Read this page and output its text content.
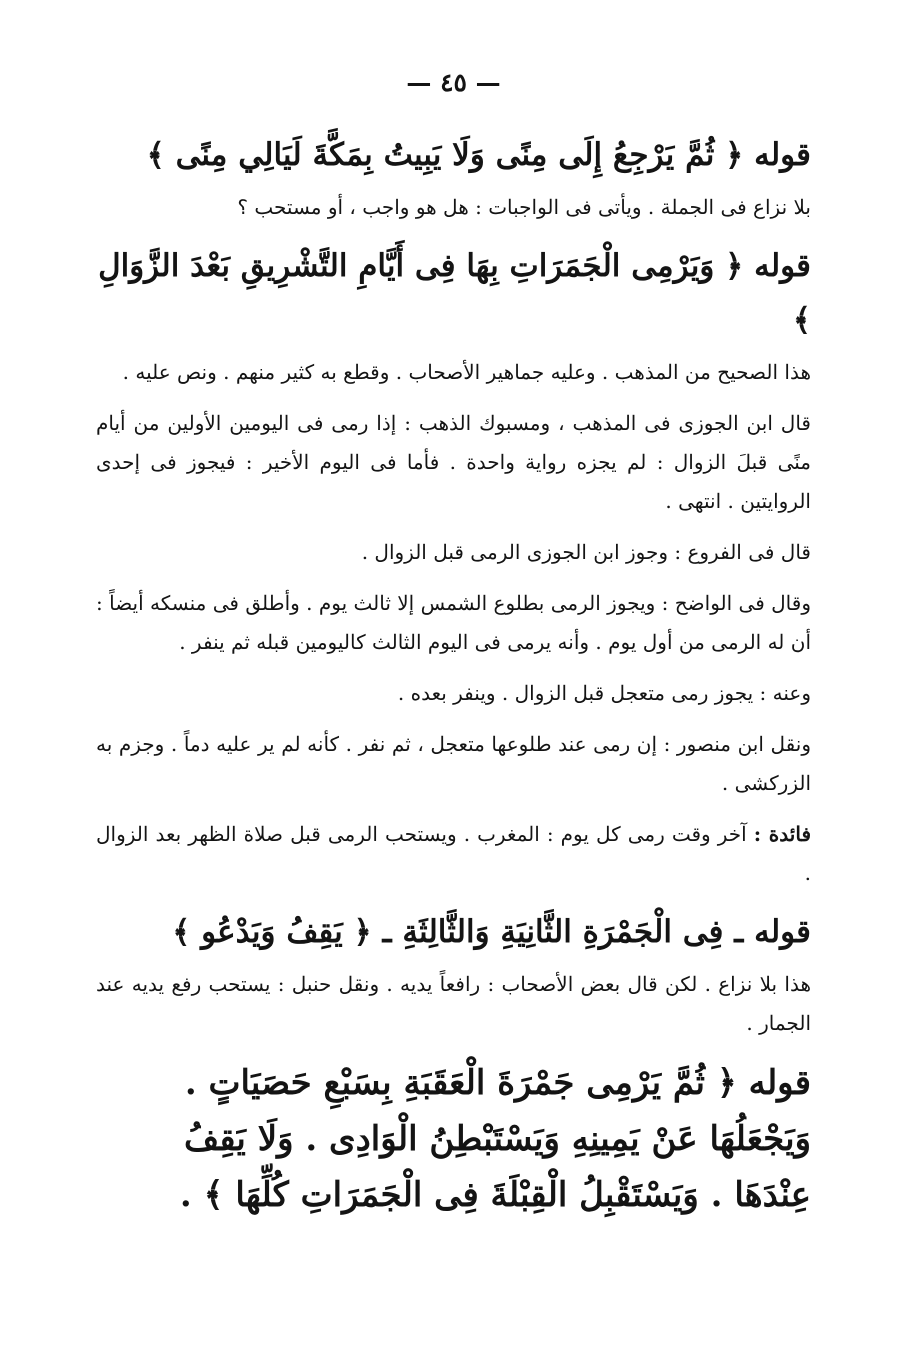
— ٤٥ —

قوله ﴿ ثُمَّ يَرْجِعُ إِلَى مِنًى وَلَا يَبِيتُ بِمَكَّةَ لَيَالِي مِنًى ﴾

بلا نزاع فى الجملة . ويأتى فى الواجبات : هل هو واجب ، أو مستحب ؟

قوله ﴿ وَيَرْمِى الْجَمَرَاتِ بِهَا فِى أَيَّامِ التَّشْرِيقِ بَعْدَ الزَّوَالِ ﴾

هذا الصحيح من المذهب . وعليه جماهير الأصحاب . وقطع به كثير منهم . ونص عليه .

قال ابن الجوزى فى المذهب ، ومسبوك الذهب : إذا رمى فى اليومين الأولين من أيام منًى قبلَ الزوال : لم يجزه رواية واحدة . فأما فى اليوم الأخير : فيجوز فى إحدى الروايتين . انتهى .

قال فى الفروع : وجوز ابن الجوزى الرمى قبل الزوال .

وقال فى الواضح : ويجوز الرمى بطلوع الشمس إلا ثالث يوم . وأطلق فى منسكه أيضاً : أن له الرمى من أول يوم . وأنه يرمى فى اليوم الثالث كاليومين قبله ثم ينفر .

وعنه : يجوز رمى متعجل قبل الزوال . وينفر بعده .

ونقل ابن منصور : إن رمى عند طلوعها متعجل ، ثم نفر . كأنه لم ير عليه دماً . وجزم به الزركشى .

فائدة : آخر وقت رمى كل يوم : المغرب . ويستحب الرمى قبل صلاة الظهر بعد الزوال .

قوله ـ فِى الْجَمْرَةِ الثَّانِيَةِ وَالثَّالِثَةِ ـ ﴿ يَقِفُ وَيَدْعُو ﴾

هذا بلا نزاع . لكن قال بعض الأصحاب : رافعاً يديه . ونقل حنبل : يستحب رفع يديه عند الجمار .

قوله ﴿ ثُمَّ يَرْمِى جَمْرَةَ الْعَقَبَةِ بِسَبْعِ حَصَيَاتٍ . وَيَجْعَلُهَا عَنْ يَمِينِهِ وَيَسْتَبْطِنُ الْوَادِى . وَلَا يَقِفُ عِنْدَهَا . وَيَسْتَقْبِلُ الْقِبْلَةَ فِى الْجَمَرَاتِ كُلِّهَا ﴾ .
